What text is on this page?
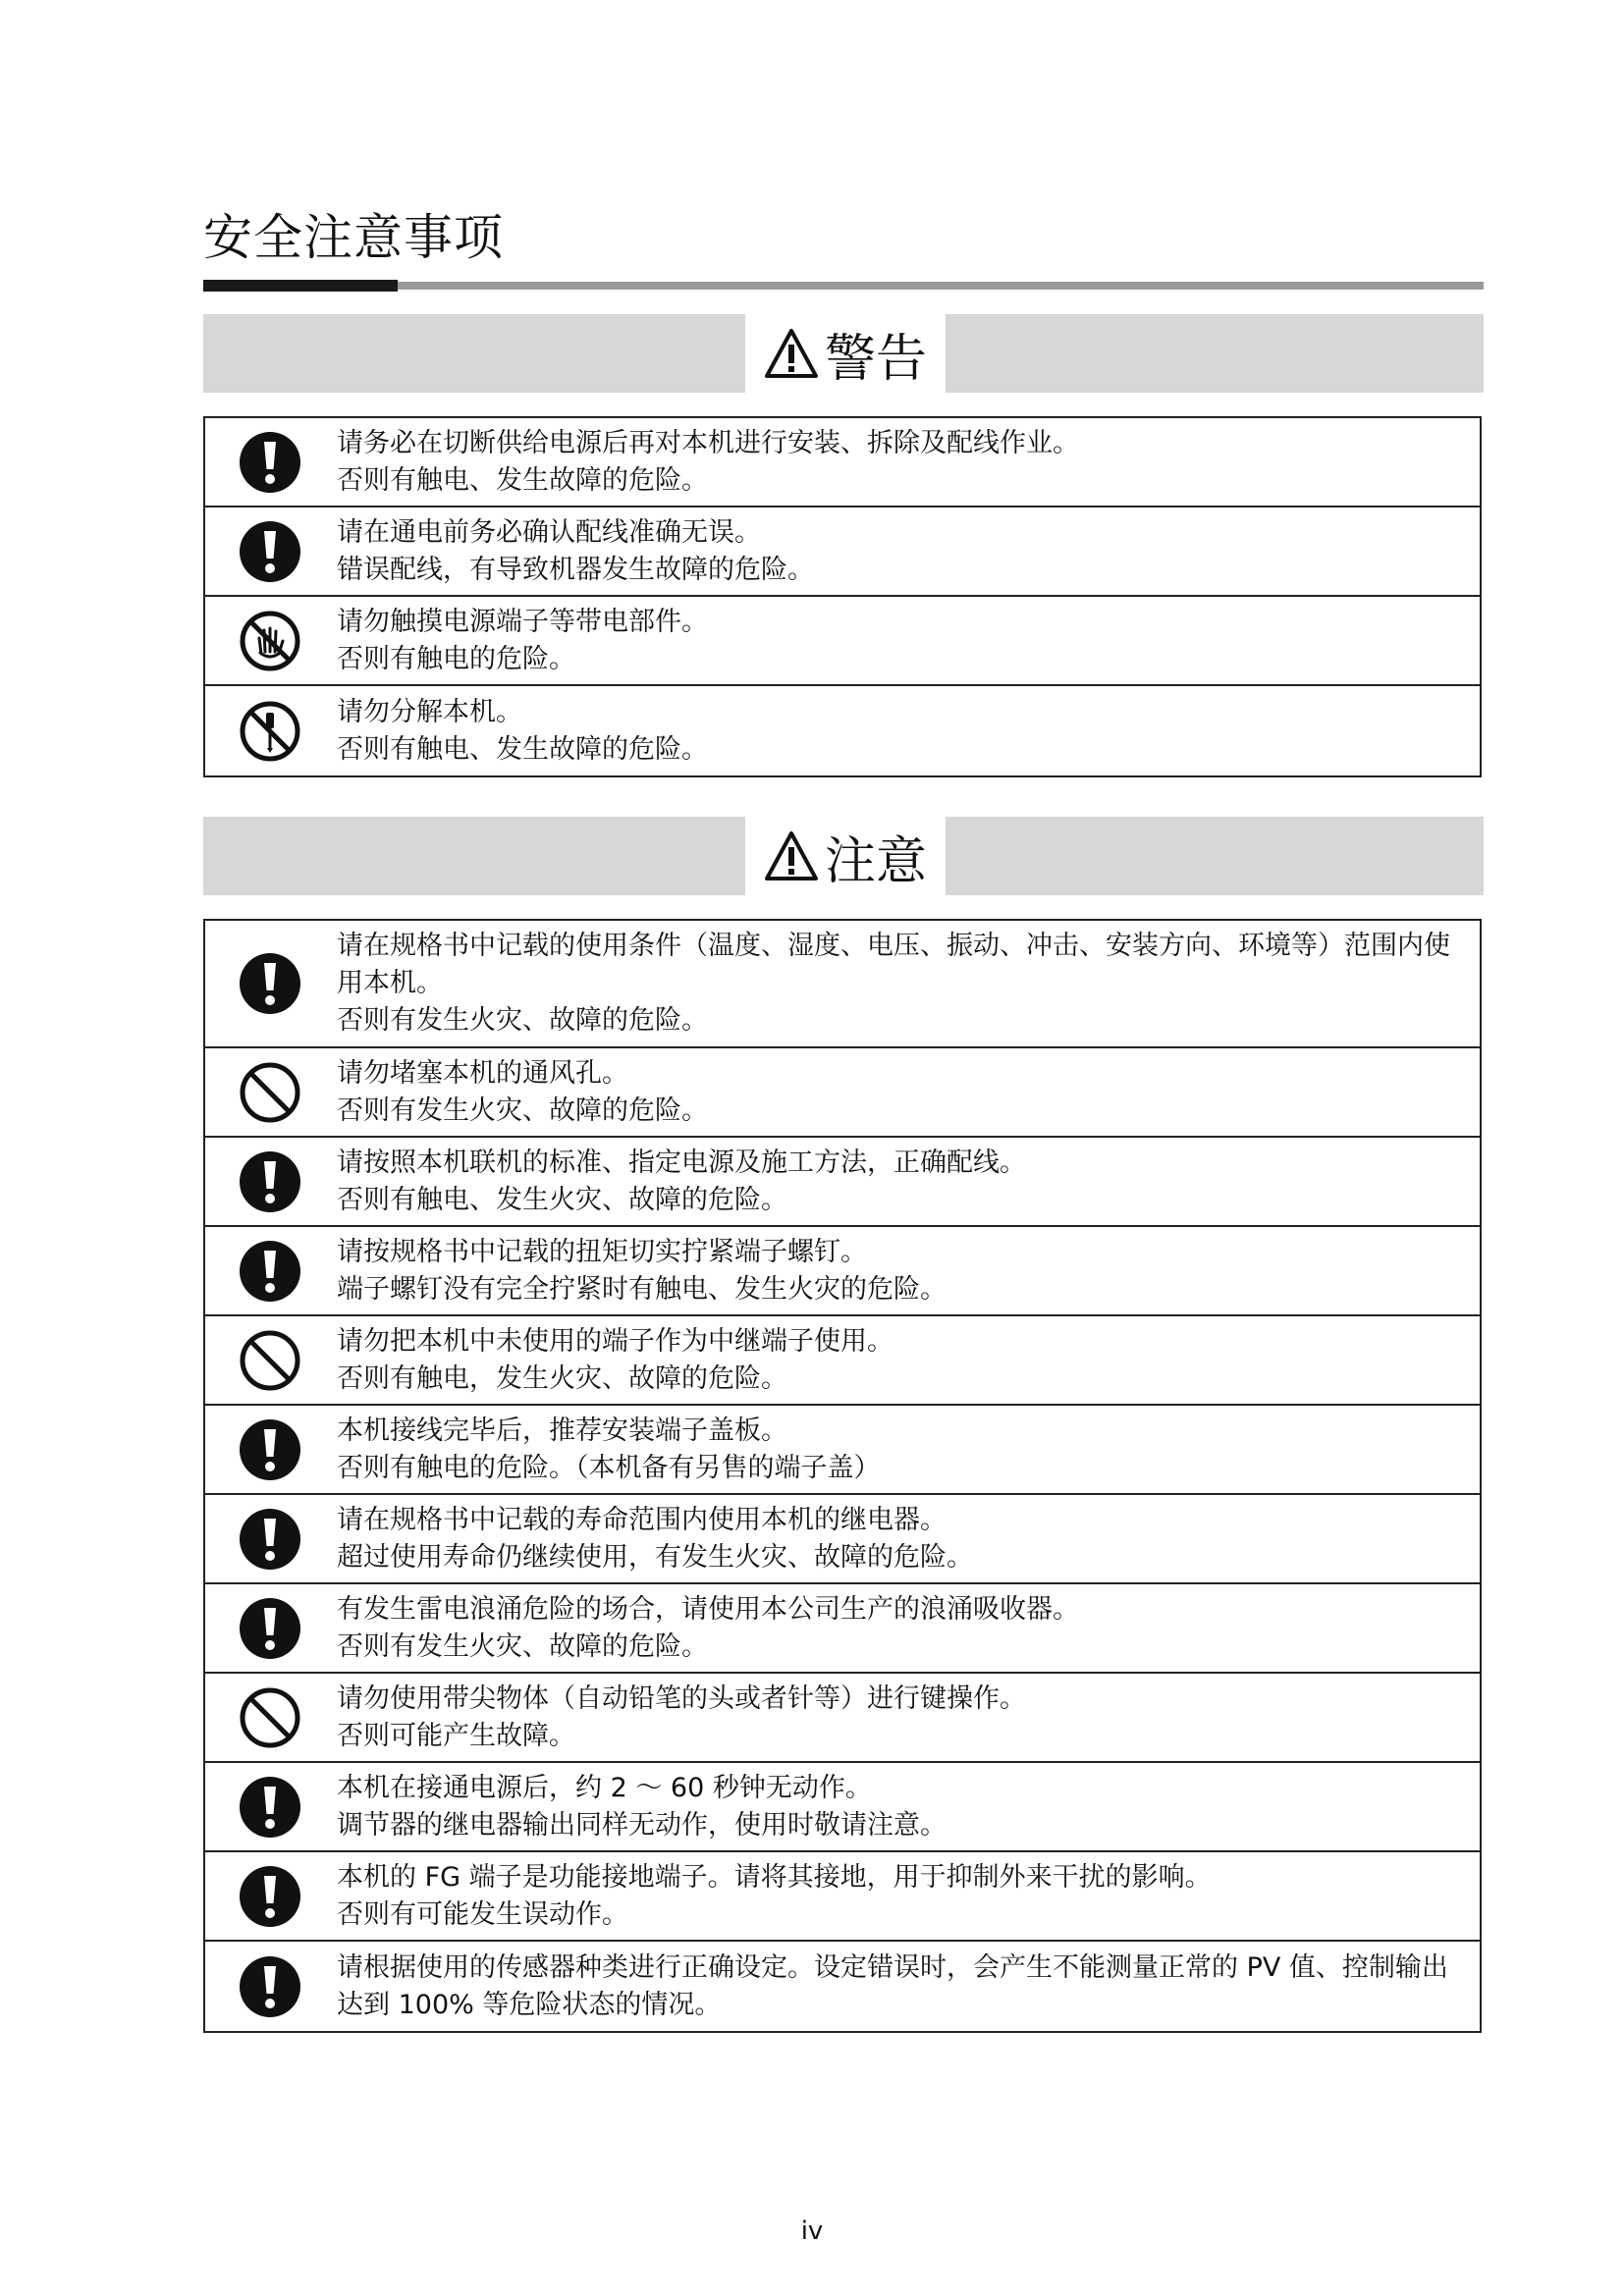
安全注意事项
警告
请务必在切断供给电源后再对本机进行安装、拆除及配线作业。
否则有触电、发生故障的危险。
请在通电前务必确认配线准确无误。
错误配线，有导致机器发生故障的危险。
请勿触摸电源端子等带电部件。
否则有触电的危险。
请勿分解本机。
否则有触电、发生故障的危险。
注意
请在规格书中记载的使用条件（温度、湿度、电压、振动、冲击、安装方向、环境等）范围内使用本机。
否则有发生火灾、故障的危险。
请勿堵塞本机的通风孔。
否则有发生火灾、故障的危险。
请按照本机联机的标准、指定电源及施工方法，正确配线。
否则有触电、发生火灾、故障的危险。
请按规格书中记载的扭矩切实拧紧端子螺钉。
端子螺钉没有完全拧紧时有触电、发生火灾的危险。
请勿把本机中未使用的端子作为中继端子使用。
否则有触电，发生火灾、故障的危险。
本机接线完毕后，推荐安装端子盖板。
否则有触电的危险。（本机备有另售的端子盖）
请在规格书中记载的寿命范围内使用本机的继电器。
超过使用寿命仍继续使用，有发生火灾、故障的危险。
有发生雷电浪涌危险的场合，请使用本公司生产的浪涌吸收器。
否则有发生火灾、故障的危险。
请勿使用带尖物体（自动铅笔的头或者针等）进行键操作。
否则可能产生故障。
本机在接通电源后，约 2 ～ 60 秒钟无动作。
调节器的继电器输出同样无动作，使用时敬请注意。
本机的 FG 端子是功能接地端子。请将其接地，用于抑制外来干扰的影响。
否则有可能发生误动作。
请根据使用的传感器种类进行正确设定。设定错误时，会产生不能测量正常的 PV 值、控制输出达到 100% 等危险状态的情况。
iv
